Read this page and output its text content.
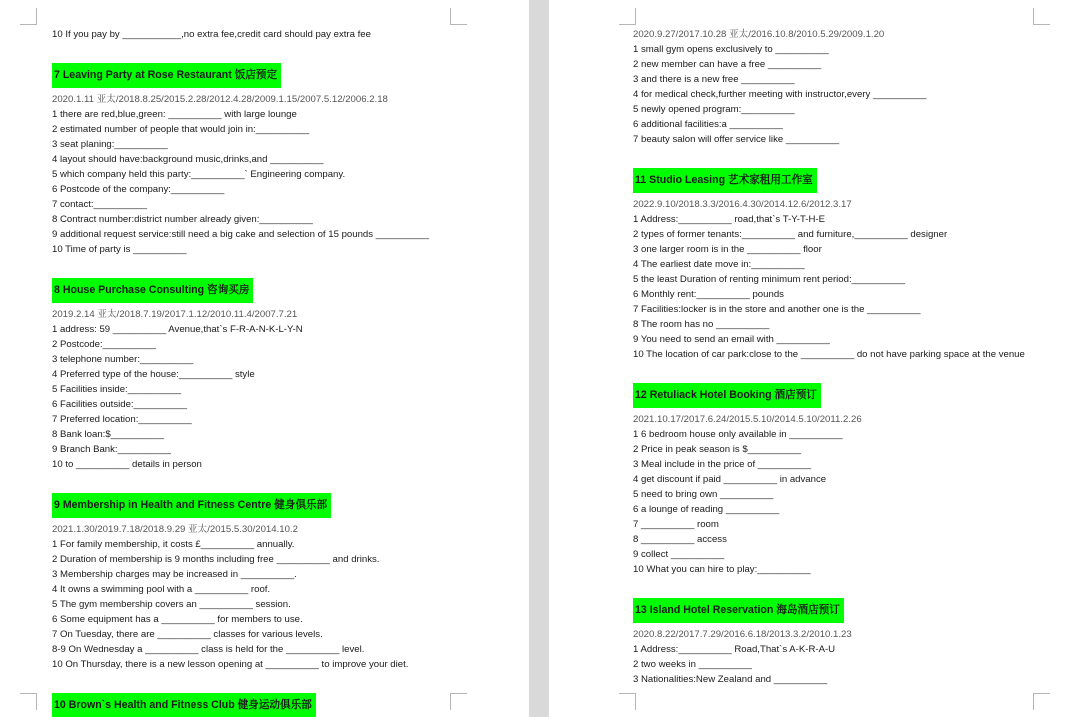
10 If you pay by ___________,no extra fee,credit card should pay extra fee
7 Leaving Party at Rose Restaurant 饭店预定
2020.1.11 亚太/2018.8.25/2015.2.28/2012.4.28/2009.1.15/2007.5.12/2006.2.18
1 there are red,blue,green: __________ with large lounge
2 estimated number of people that would join in:__________
3 seat planing:__________
4 layout should have:background music,drinks,and __________
5 which company held this party:__________` Engineering company.
6 Postcode of the company:__________
7 contact:__________
8 Contract number:district number already given:__________
9 additional request service:still need a big cake and selection of 15 pounds __________
10 Time of party is __________
8 House Purchase Consulting 咨询买房
2019.2.14 亚太/2018.7.19/2017.1.12/2010.11.4/2007.7.21
1 address: 59 __________ Avenue,that`s F-R-A-N-K-L-Y-N
2 Postcode:__________
3 telephone number:__________
4 Preferred type of the house:__________ style
5 Facilities inside:__________
6 Facilities outside:__________
7 Preferred location:__________
8 Bank loan:$__________
9 Branch Bank:__________
10 to __________ details in person
9 Membership in Health and Fitness Centre 健身俱乐部
2021.1.30/2019.7.18/2018.9.29 亚太/2015.5.30/2014.10.2
1 For family membership, it costs £__________ annually.
2 Duration of membership is 9 months including free __________ and drinks.
3 Membership charges may be increased in __________.
4 It owns a swimming pool with a __________ roof.
5 The gym membership covers an __________ session.
6 Some equipment has a __________ for members to use.
7 On Tuesday, there are __________ classes for various levels.
8-9 On Wednesday a __________ class is held for the __________ level.
10 On Thursday, there is a new lesson opening at __________ to improve your diet.
10 Brown`s Health and Fitness Club 健身运动俱乐部
2020.9.27/2017.10.28 亚太/2016.10.8/2010.5.29/2009.1.20
1 small gym opens exclusively to __________
2 new member can have a free __________
3 and there is a new free __________
4 for medical check,further meeting with instructor,every __________
5 newly opened program:__________
6 additional facilities:a __________
7 beauty salon will offer service like __________
11 Studio Leasing 艺术家租用工作室
2022.9.10/2018.3.3/2016.4.30/2014.12.6/2012.3.17
1 Address:__________ road,that`s T-Y-T-H-E
2 types of former tenants:__________ and furniture,__________ designer
3 one larger room is in the __________ floor
4 The earliest date move in:__________
5 the least Duration of renting minimum rent period:__________
6 Monthly rent:__________ pounds
7 Facilities:locker is in the store and another one is the __________
8 The room has no __________
9 You need to send an email with __________
10 The location of car park:close to the __________ do not have parking space at the venue
12 Retuliack Hotel Booking 酒店预订
2021.10.17/2017.6.24/2015.5.10/2014.5.10/2011.2.26
1 6 bedroom house only available in __________
2 Price in peak season is $__________
3 Meal include in the price of __________
4 get discount if paid __________ in advance
5 need to bring own __________
6 a lounge of reading __________
7 __________ room
8 __________ access
9 collect __________
10 What you can hire to play:__________
13 Island Hotel Reservation 海岛酒店预订
2020.8.22/2017.7.29/2016.6.18/2013.3.2/2010.1.23
1 Address:__________ Road,That`s A-K-R-A-U
2 two weeks in __________
3 Nationalities:New Zealand and __________
